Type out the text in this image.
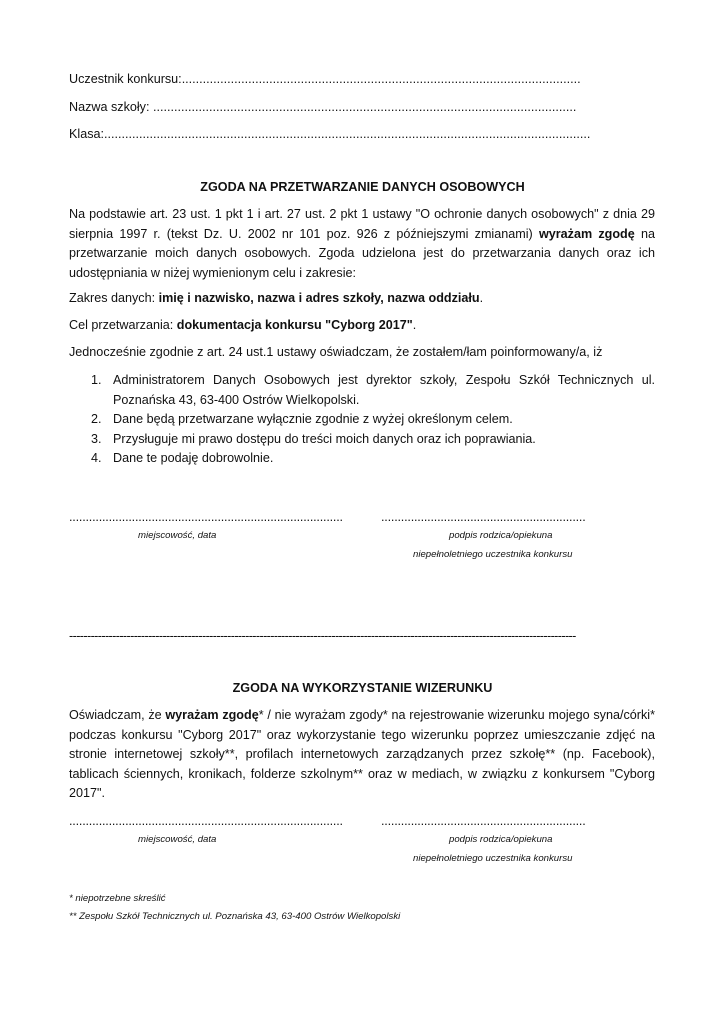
Uczestnik konkursu:..................................................................................................................
Nazwa szkoły: .........................................................................................................................
Klasa:...........................................................................................................................................
ZGODA NA PRZETWARZANIE DANYCH OSOBOWYCH
Na podstawie art. 23 ust. 1 pkt 1 i art. 27 ust. 2 pkt 1 ustawy "O ochronie danych osobowych" z dnia 29 sierpnia 1997 r. (tekst Dz. U. 2002 nr 101 poz. 926 z późniejszymi zmianami) wyrażam zgodę na przetwarzanie moich danych osobowych. Zgoda udzielona jest do przetwarzania danych oraz ich udostępniania w niżej wymienionym celu i zakresie:
Zakres danych: imię i nazwisko, nazwa i adres szkoły, nazwa oddziału.
Cel przetwarzania: dokumentacja konkursu "Cyborg 2017".
Jednocześnie zgodnie z art. 24 ust.1 ustawy oświadczam, że zostałem/łam poinformowany/a, iż
1. Administratorem Danych Osobowych jest dyrektor szkoły, Zespołu Szkół Technicznych ul. Poznańska 43, 63-400 Ostrów Wielkopolski.
2. Dane będą przetwarzane wyłącznie zgodnie z wyżej określonym celem.
3. Przysługuje mi prawo dostępu do treści moich danych oraz ich poprawiania.
4. Dane te podaję dobrowolnie.
...................................................................................	..............................................................
miejscowość, data	podpis rodzica/opiekuna
niepełnoletniego uczestnika konkursu
---------------------------------------------------------------------------------------------------------------------------------------------
ZGODA NA WYKORZYSTANIE WIZERUNKU
Oświadczam, że wyrażam zgodę* / nie wyrażam zgody* na rejestrowanie wizerunku mojego syna/córki* podczas konkursu "Cyborg 2017" oraz wykorzystanie tego wizerunku poprzez umieszczanie zdjęć na stronie internetowej szkoły**, profilach internetowych zarządzanych przez szkołę** (np. Facebook), tablicach ściennych, kronikach, folderze szkolnym** oraz w mediach, w związku z konkursem "Cyborg 2017".
...................................................................................	..............................................................
miejscowość, data	podpis rodzica/opiekuna
niepełnoletniego uczestnika konkursu
* niepotrzebne skreślić
** Zespołu Szkół Technicznych ul. Poznańska 43, 63-400 Ostrów Wielkopolski
